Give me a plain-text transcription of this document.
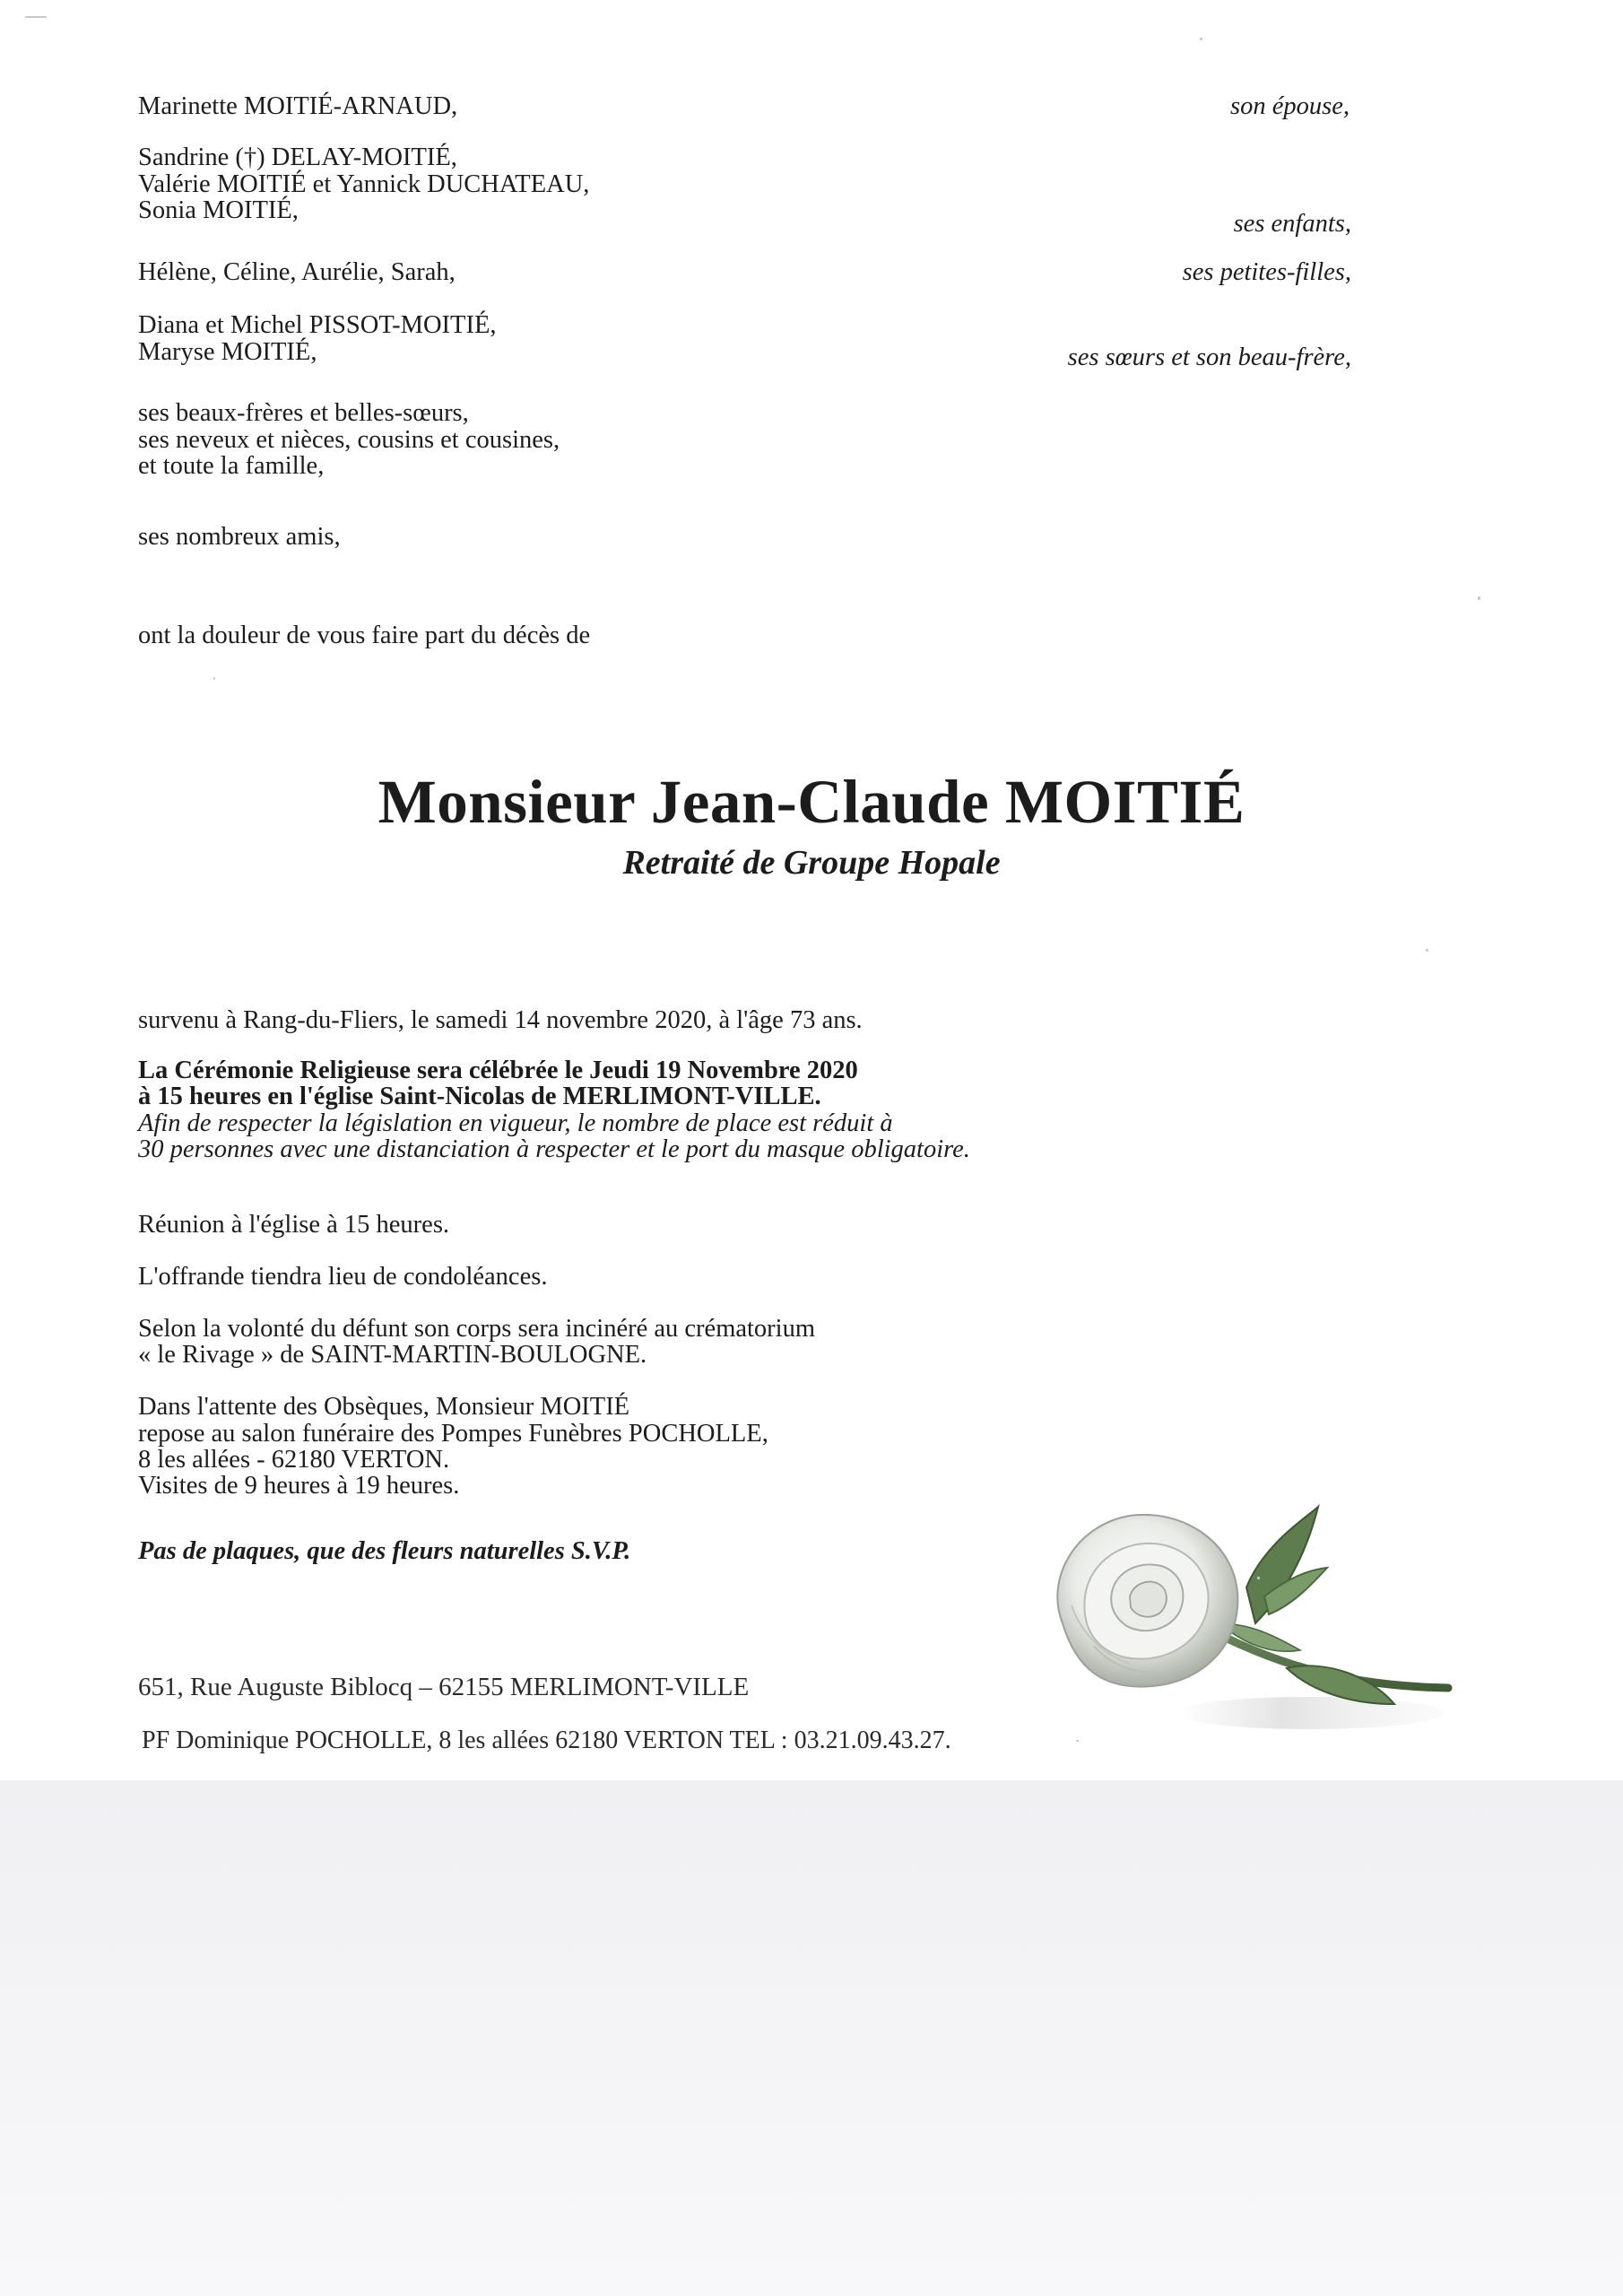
Marinette MOITIÉ-ARNAUD,	son épouse,
Sandrine (†) DELAY-MOITIÉ,
Valérie MOITIÉ et Yannick DUCHATEAU,
Sonia MOITIÉ,	ses enfants,
Hélène, Céline, Aurélie, Sarah,	ses petites-filles,
Diana et Michel PISSOT-MOITIÉ,
Maryse MOITIÉ,	ses sœurs et son beau-frère,
ses beaux-frères et belles-sœurs,
ses neveux et nièces, cousins et cousines,
et toute la famille,
ses nombreux amis,
ont la douleur de vous faire part du décès de
Monsieur Jean-Claude MOITIÉ
Retraité de Groupe Hopale
survenu à Rang-du-Fliers, le samedi 14 novembre 2020, à l'âge 73 ans.
La Cérémonie Religieuse sera célébrée le Jeudi 19 Novembre 2020
à 15 heures en l'église Saint-Nicolas de MERLIMONT-VILLE.
Afin de respecter la législation en vigueur, le nombre de place est réduit à
30 personnes avec une distanciation à respecter et le port du masque obligatoire.
Réunion à l'église à 15 heures.
L'offrande tiendra lieu de condoléances.
Selon la volonté du défunt son corps sera incinéré au crématorium
« le Rivage » de SAINT-MARTIN-BOULOGNE.
Dans l'attente des Obsèques, Monsieur MOITIÉ
repose au salon funéraire des Pompes Funèbres POCHOLLE,
8 les allées - 62180 VERTON.
Visites de 9 heures à 19 heures.
Pas de plaques, que des fleurs naturelles S.V.P.
651, Rue Auguste Biblocq – 62155 MERLIMONT-VILLE
PF Dominique POCHOLLE, 8 les allées 62180 VERTON TEL : 03.21.09.43.27.
